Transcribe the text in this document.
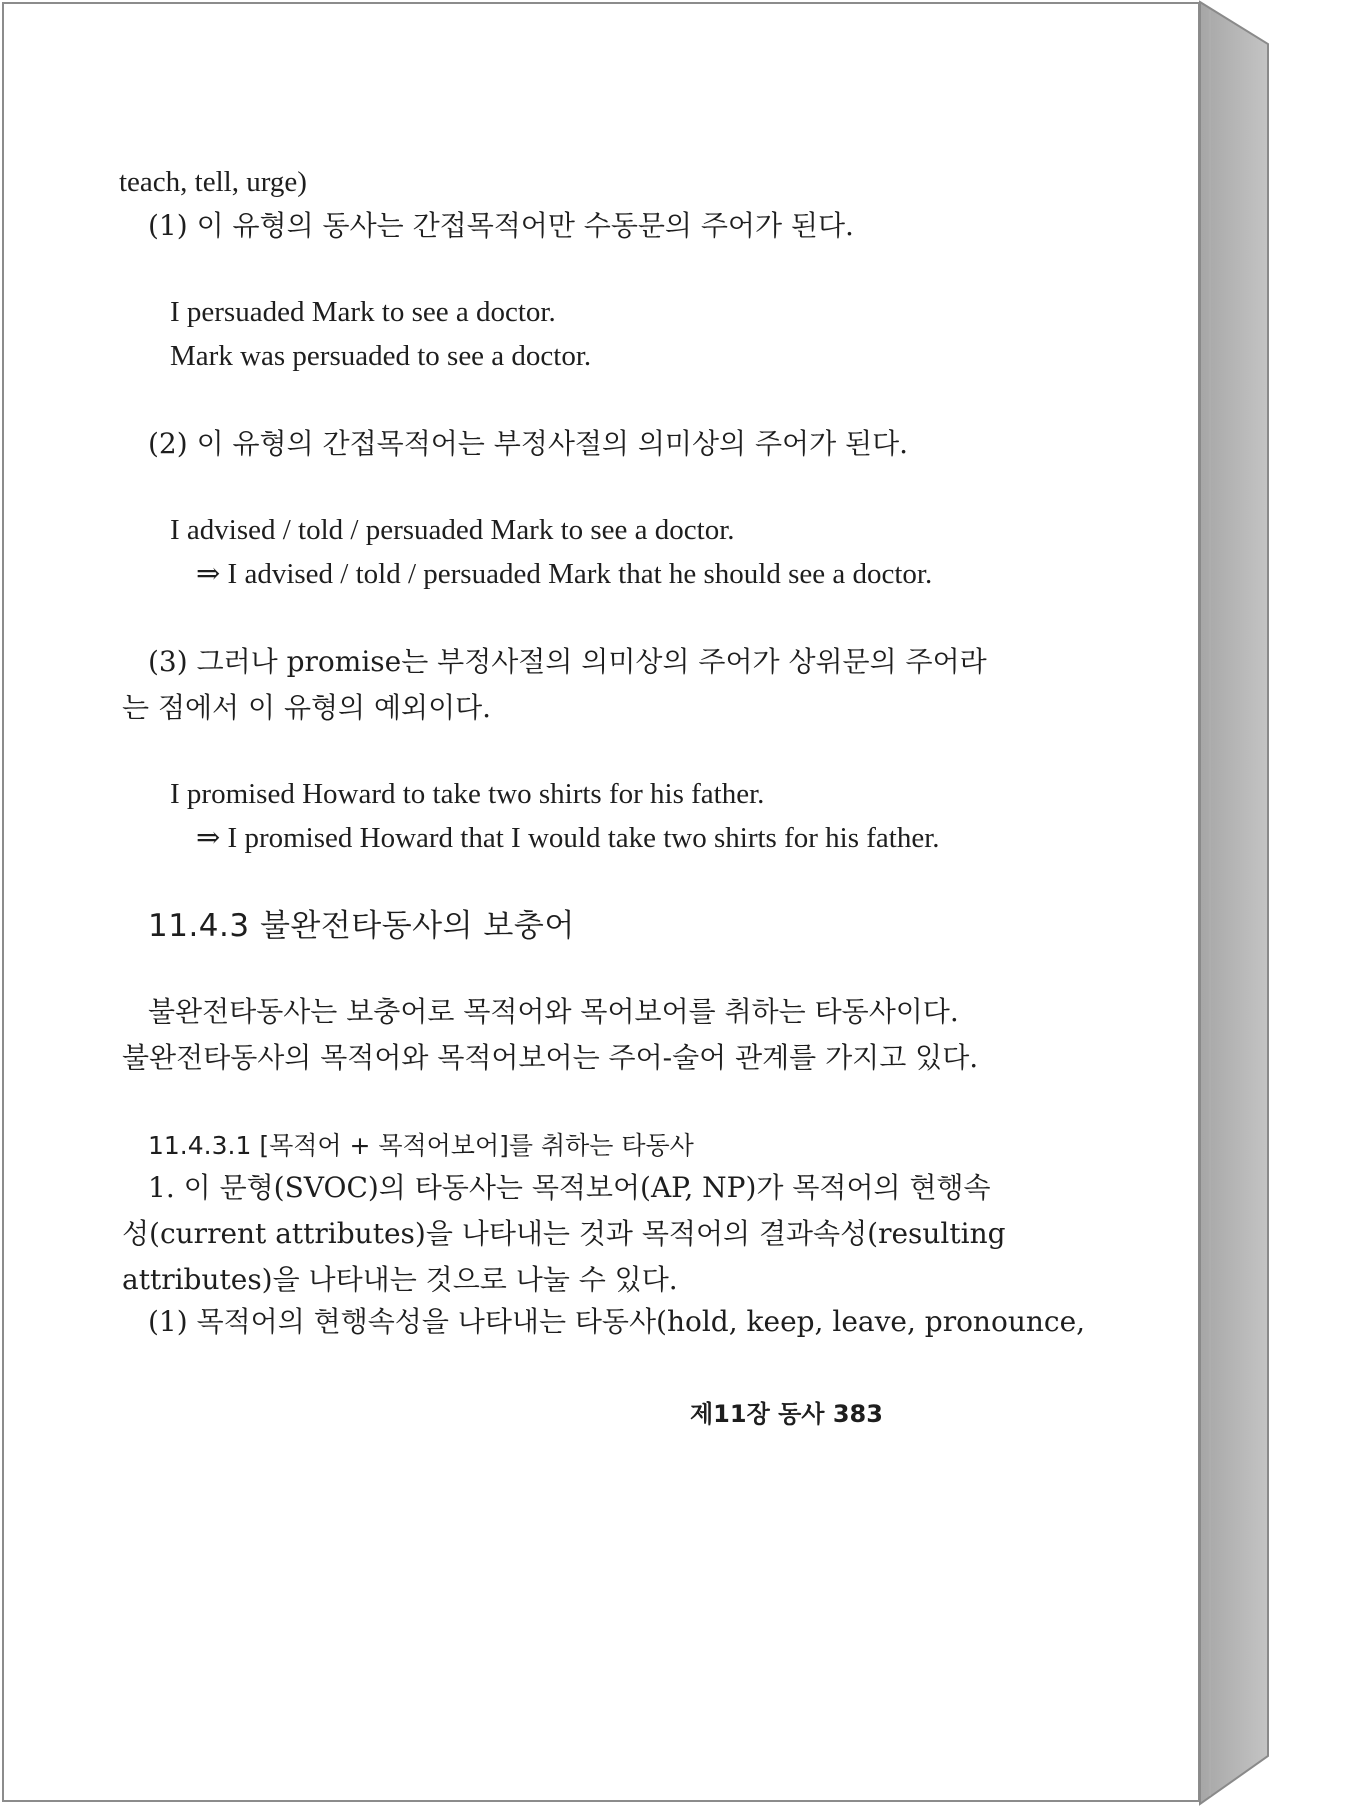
teach, tell, urge)
(1) 이 유형의 동사는 간접목적어만 수동문의 주어가 된다.
I persuaded Mark to see a doctor.
Mark was persuaded to see a doctor.
(2) 이 유형의 간접목적어는 부정사절의 의미상의 주어가 된다.
I advised / told / persuaded Mark to see a doctor.
⇒ I advised / told / persuaded Mark that he should see a doctor.
(3) 그러나 promise는 부정사절의 의미상의 주어가 상위문의 주어라
는 점에서 이 유형의 예외이다.
I promised Howard to take two shirts for his father.
⇒ I promised Howard that I would take two shirts for his father.
11.4.3 불완전타동사의 보충어
불완전타동사는 보충어로 목적어와 목어보어를 취하는 타동사이다.
불완전타동사의 목적어와 목적어보어는 주어-술어 관계를 가지고 있다.
11.4.3.1 [목적어 + 목적어보어]를 취하는 타동사
1. 이 문형(SVOC)의 타동사는 목적보어(AP, NP)가 목적어의 현행속
성(current attributes)을 나타내는 것과 목적어의 결과속성(resulting
attributes)을 나타내는 것으로 나눌 수 있다.
(1) 목적어의 현행속성을 나타내는 타동사(hold, keep, leave, pronounce,
제11장 동사 383
